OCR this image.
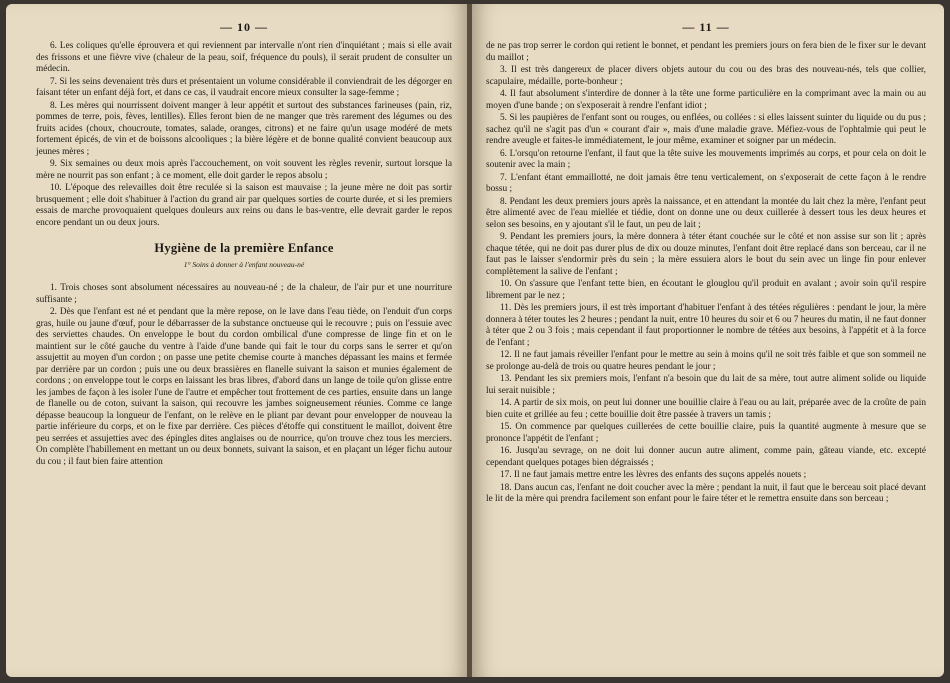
— 10 —

6. Les coliques qu'elle éprouvera et qui reviennent par intervalle n'ont rien d'inquiétant ; mais si elle avait des frissons et une fièvre vive (chaleur de la peau, soif, fréquence du pouls), il serait prudent de consulter un médecin.

7. Si les seins devenaient très durs et présentaient un volume considérable il conviendrait de les dégorger en faisant téter un enfant déjà fort, et dans ce cas, il vaudrait encore mieux consulter la sage-femme ;

8. Les mères qui nourrissent doivent manger à leur appétit et surtout des substances farineuses (pain, riz, pommes de terre, pois, fèves, lentilles). Elles feront bien de ne manger que très rarement des légumes ou des fruits acides (choux, choucroute, tomates, salade, oranges, citrons) et ne faire qu'un usage modéré de mets fortement épicés, de vin et de boissons alcooliques ; la bière légère et de bonne qualité convient beaucoup aux jeunes mères ;

9. Six semaines ou deux mois après l'accouchement, on voit souvent les règles revenir, surtout lorsque la mère ne nourrit pas son enfant ; à ce moment, elle doit garder le repos absolu ;

10. L'époque des relevailles doit être reculée si la saison est mauvaise ; la jeune mère ne doit pas sortir brusquement ; elle doit s'habituer à l'action du grand air par quelques sorties de courte durée, et si les premiers essais de marche provoquaient quelques douleurs aux reins ou dans le bas-ventre, elle devrait garder le repos encore pendant un ou deux jours.

Hygiène de la première Enfance
1° Soins à donner à l'enfant nouveau-né

1. Trois choses sont absolument nécessaires au nouveau-né ; de la chaleur, de l'air pur et une nourriture suffisante ;

2. Dès que l'enfant est né et pendant que la mère repose, on le lave dans l'eau tiède, on l'enduit d'un corps gras, huile ou jaune d'œuf, pour le débarrasser de la substance onctueuse qui le recouvre ; puis on l'essuie avec des serviettes chaudes. On enveloppe le bout du cordon ombilical d'une compresse de linge fin et on le maintient sur le côté gauche du ventre à l'aide d'une bande qui fait le tour du corps sans le serrer et qu'on assujettit au moyen d'un cordon ; on passe une petite chemise courte à manches dépassant les mains et fermée par derrière par un cordon ; puis une ou deux brassières en flanelle suivant la saison et munies également de cordons ; on enveloppe tout le corps en laissant les bras libres, d'abord dans un lange de toile qu'on glisse entre les jambes de façon à les isoler l'une de l'autre et empêcher tout frottement de ces parties, ensuite dans un lange de flanelle ou de coton, suivant la saison, qui recouvre les jambes soigneusement réunies. Comme ce lange dépasse beaucoup la longueur de l'enfant, on le relève en le pliant par devant pour envelopper de nouveau la partie inférieure du corps, et on le fixe par derrière. Ces pièces d'étoffe qui constituent le maillot, doivent être peu serrées et assujetties avec des épingles dites anglaises ou de nourrice, qu'on trouve chez tous les merciers. On complète l'habillement en mettant un ou deux bonnets, suivant la saison, et en plaçant un léger fichu autour du cou ; il faut bien faire attention

— 11 —

de ne pas trop serrer le cordon qui retient le bonnet, et pendant les premiers jours on fera bien de le fixer sur le devant du maillot ;

3. Il est très dangereux de placer divers objets autour du cou ou des bras des nouveau-nés, tels que collier, scapulaire, médaille, porte-bonheur ;

4. Il faut absolument s'interdire de donner à la tête une forme particulière en la comprimant avec la main ou au moyen d'une bande ; on s'exposerait à rendre l'enfant idiot ;

5. Si les paupières de l'enfant sont ou rouges, ou enflées, ou collées : si elles laissent suinter du liquide ou du pus ; sachez qu'il ne s'agit pas d'un « courant d'air », mais d'une maladie grave. Méfiez-vous de l'ophtalmie qui peut le rendre aveugle et faites-le immédiatement, le jour même, examiner et soigner par un médecin.

6. L'orsqu'on retourne l'enfant, il faut que la tête suive les mouvements imprimés au corps, et pour cela on doit le soutenir avec la main ;

7. L'enfant étant emmaillotté, ne doit jamais être tenu verticalement, on s'exposerait de cette façon à le rendre bossu ;

8. Pendant les deux premiers jours après la naissance, et en attendant la montée du lait chez la mère, l'enfant peut être alimenté avec de l'eau miellée et tiédie, dont on donne une ou deux cuillerée à dessert tous les deux heures et selon ses besoins, en y ajoutant s'il le faut, un peu de lait ;

9. Pendant les premiers jours, la mère donnera à téter étant couchée sur le côté et non assise sur son lit ; après chaque tétée, qui ne doit pas durer plus de dix ou douze minutes, l'enfant doit être replacé dans son berceau, car il ne faut pas le laisser s'endormir près du sein ; la mère essuiera alors le bout du sein avec un linge fin pour enlever complètement la salive de l'enfant ;

10. On s'assure que l'enfant tette bien, en écoutant le glouglou qu'il produit en avalant ; avoir soin qu'il respire librement par le nez ;

11. Dès les premiers jours, il est très important d'habituer l'enfant à des tétées régulières : pendant le jour, la mère donnera à téter toutes les 2 heures ; pendant la nuit, entre 10 heures du soir et 6 ou 7 heures du matin, il ne faut donner à téter que 2 ou 3 fois ; mais cependant il faut proportionner le nombre de tétées aux besoins, à l'appétit et à la force de l'enfant ;

12. Il ne faut jamais réveiller l'enfant pour le mettre au sein à moins qu'il ne soit très faible et que son sommeil ne se prolonge au-delà de trois ou quatre heures pendant le jour ;

13. Pendant les six premiers mois, l'enfant n'a besoin que du lait de sa mère, tout autre aliment solide ou liquide lui serait nuisible ;

14. A partir de six mois, on peut lui donner une bouillie claire à l'eau ou au lait, préparée avec de la croûte de pain bien cuite et grillée au feu ; cette bouillie doit être passée à travers un tamis ;

15. On commence par quelques cuillerées de cette bouillie claire, puis la quantité augmente à mesure que se prononce l'appétit de l'enfant ;

16. Jusqu'au sevrage, on ne doit lui donner aucun autre aliment, comme pain, gâteau viande, etc. excepté cependant quelques potages bien dégraissés ;

17. Il ne faut jamais mettre entre les lèvres des enfants des suçons appelés nouets ;

18. Dans aucun cas, l'enfant ne doit coucher avec la mère ; pendant la nuit, il faut que le berceau soit placé devant le lit de la mère qui prendra facilement son enfant pour le faire téter et le remettra ensuite dans son berceau ;
